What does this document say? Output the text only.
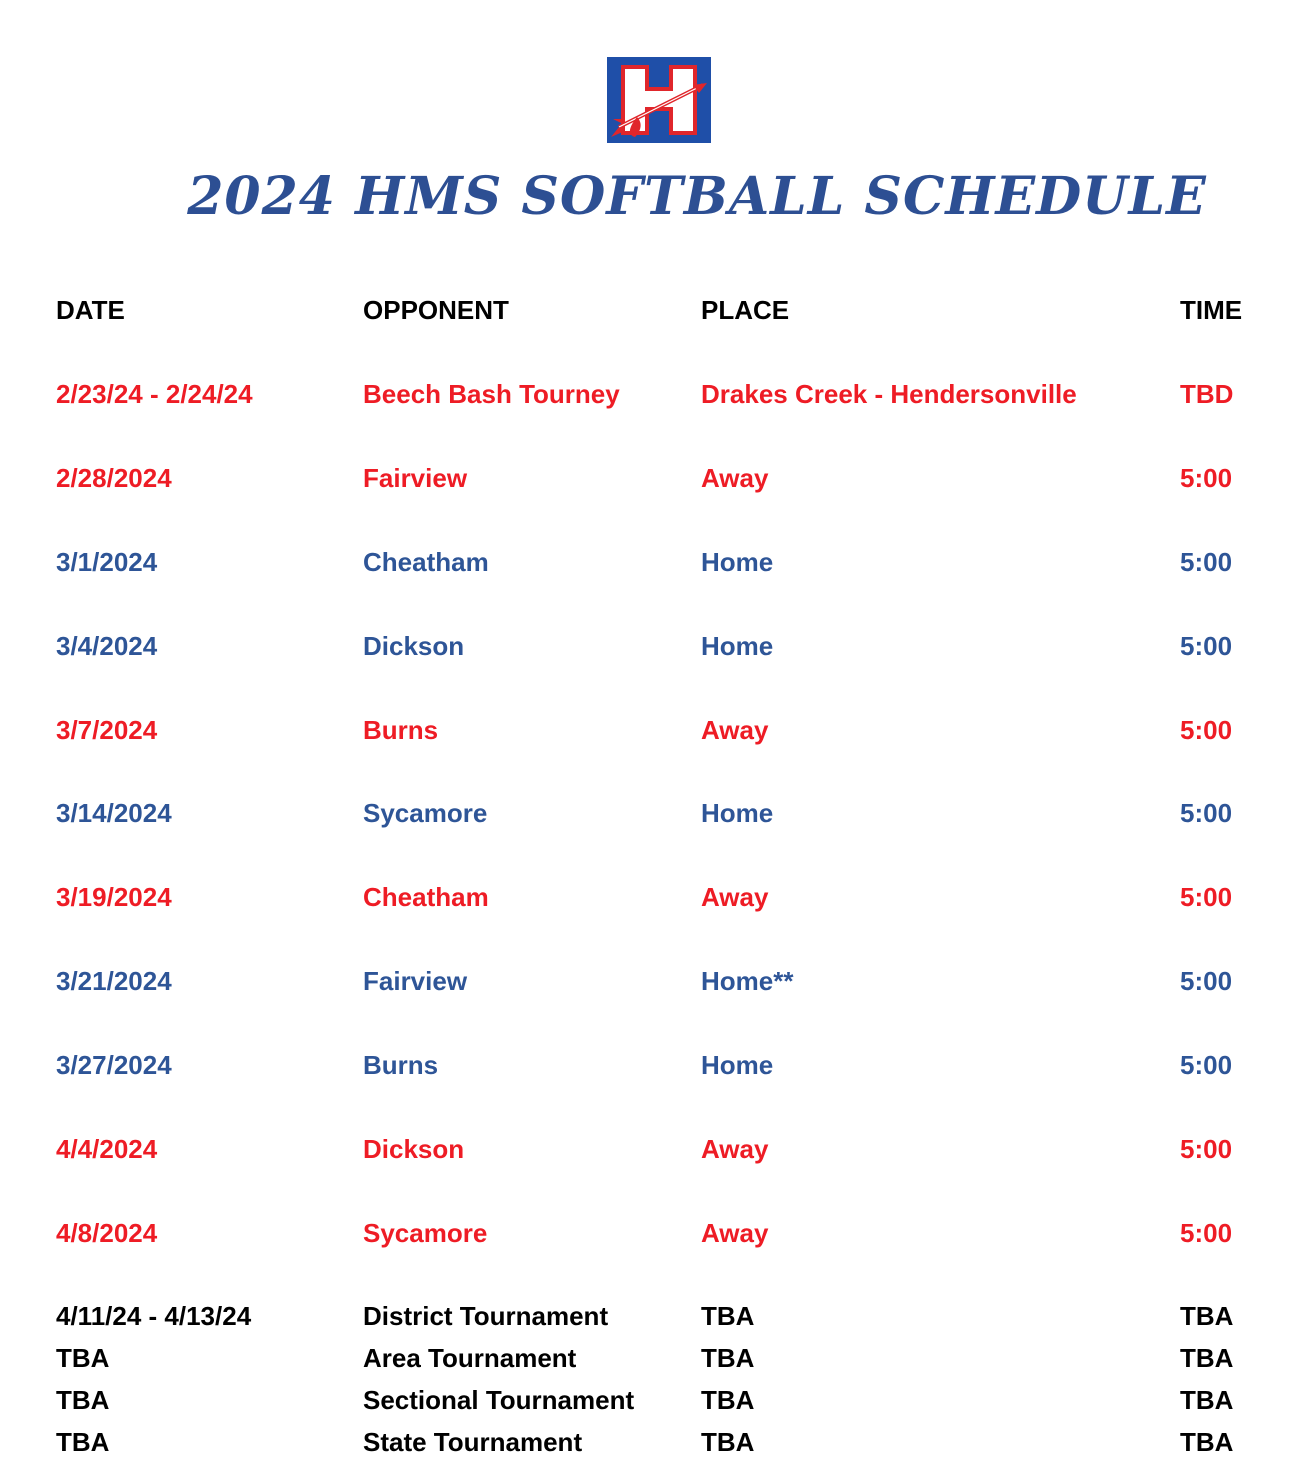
2024 HMS SOFTBALL SCHEDULE
DATE	OPPONENT	PLACE	TIME
2/23/24 - 2/24/24	Beech Bash Tourney	Drakes Creek - Hendersonville	TBD
2/28/2024	Fairview	Away	5:00
3/1/2024	Cheatham	Home	5:00
3/4/2024	Dickson	Home	5:00
3/7/2024	Burns	Away	5:00
3/14/2024	Sycamore	Home	5:00
3/19/2024	Cheatham	Away	5:00
3/21/2024	Fairview	Home**	5:00
3/27/2024	Burns	Home	5:00
4/4/2024	Dickson	Away	5:00
4/8/2024	Sycamore	Away	5:00
4/11/24 - 4/13/24	District Tournament	TBA	TBA
TBA	Area Tournament	TBA	TBA
TBA	Sectional Tournament	TBA	TBA
TBA	State Tournament	TBA	TBA
